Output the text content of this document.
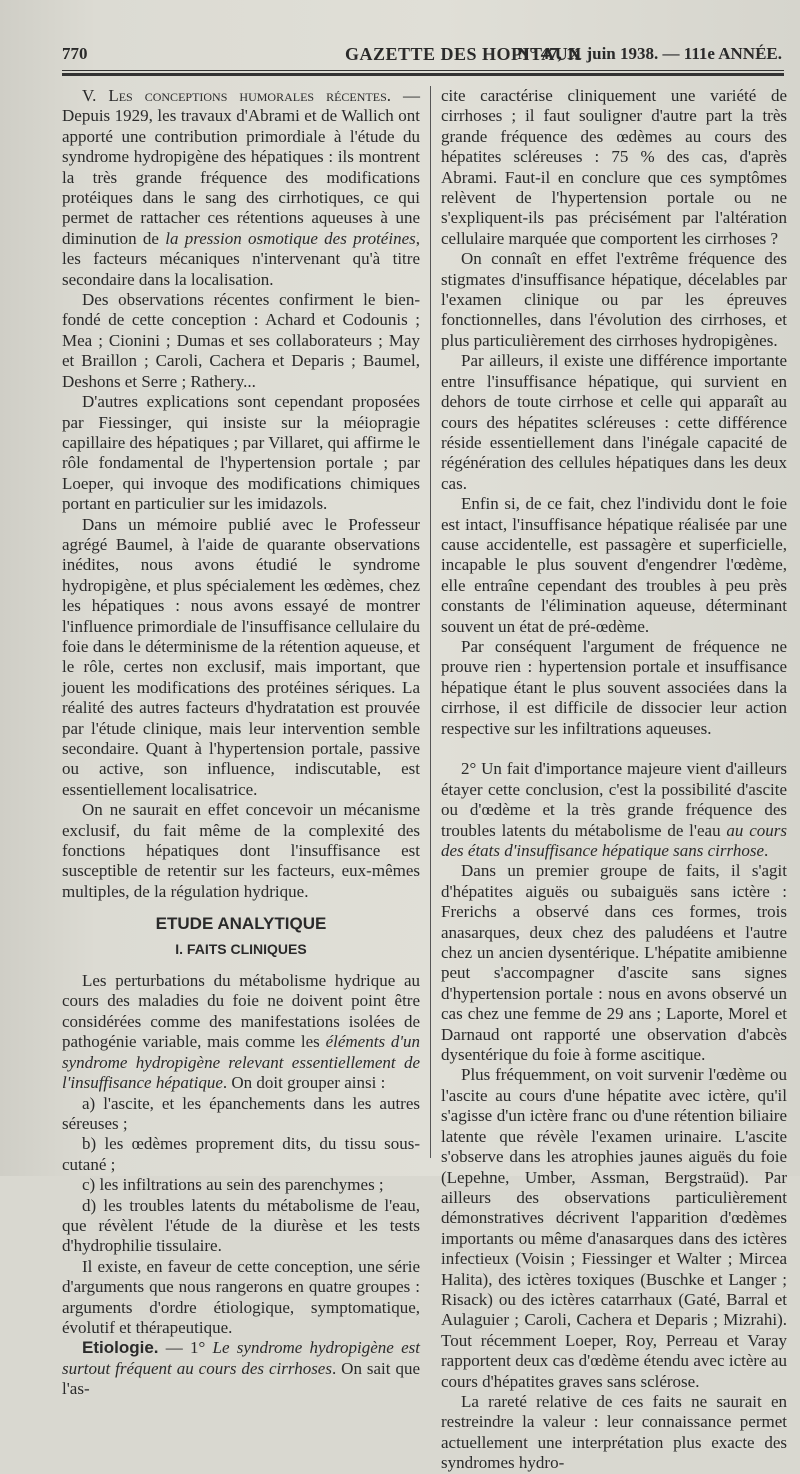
770	GAZETTE DES HOPITAUX
N° 47, 11 juin 1938. — 111e ANNÉE.

V. Les conceptions humorales récentes. — Depuis 1929, les travaux d'Abrami et de Wallich ont apporté une contribution primordiale à l'étude du syndrome hydropigène des hépatiques : ils montrent la très grande fréquence des modifications protéiques dans le sang des cirrhotiques, ce qui permet de rattacher ces rétentions aqueuses à une diminution de la pression osmotique des protéines, les facteurs mécaniques n'intervenant qu'à titre secondaire dans la localisation.

Des observations récentes confirment le bien-fondé de cette conception : Achard et Codounis ; Mea ; Cionini ; Dumas et ses collaborateurs ; May et Braillon ; Caroli, Cachera et Deparis ; Baumel, Deshons et Serre ; Rathery...

D'autres explications sont cependant proposées par Fiessinger, qui insiste sur la méiopragie capillaire des hépatiques ; par Villaret, qui affirme le rôle fondamental de l'hypertension portale ; par Loeper, qui invoque des modifications chimiques portant en particulier sur les imidazols.

Dans un mémoire publié avec le Professeur agrégé Baumel, à l'aide de quarante observations inédites, nous avons étudié le syndrome hydropigène, et plus spécialement les œdèmes, chez les hépatiques : nous avons essayé de montrer l'influence primordiale de l'insuffisance cellulaire du foie dans le déterminisme de la rétention aqueuse, et le rôle, certes non exclusif, mais important, que jouent les modifications des protéines sériques. La réalité des autres facteurs d'hydratation est prouvée par l'étude clinique, mais leur intervention semble secondaire. Quant à l'hypertension portale, passive ou active, son influence, indiscutable, est essentiellement localisatrice.

On ne saurait en effet concevoir un mécanisme exclusif, du fait même de la complexité des fonctions hépatiques dont l'insuffisance est susceptible de retentir sur les facteurs, eux-mêmes multiples, de la régulation hydrique.

ETUDE ANALYTIQUE
I. FAITS CLINIQUES

Les perturbations du métabolisme hydrique au cours des maladies du foie ne doivent point être considérées comme des manifestations isolées de pathogénie variable, mais comme les éléments d'un syndrome hydropigène relevant essentiellement de l'insuffisance hépatique. On doit grouper ainsi :

a) l'ascite, et les épanchements dans les autres séreuses ;

b) les œdèmes proprement dits, du tissu sous-cutané ;

c) les infiltrations au sein des parenchymes ;

d) les troubles latents du métabolisme de l'eau, que révèlent l'étude de la diurèse et les tests d'hydrophilie tissulaire.

Il existe, en faveur de cette conception, une série d'arguments que nous rangerons en quatre groupes : arguments d'ordre étiologique, symptomatique, évolutif et thérapeutique.

Etiologie. — 1° Le syndrome hydropigène est surtout fréquent au cours des cirrhoses. On sait que l'as-

cite caractérise cliniquement une variété de cirrhoses ; il faut souligner d'autre part la très grande fréquence des œdèmes au cours des hépatites scléreuses : 75 % des cas, d'après Abrami. Faut-il en conclure que ces symptômes relèvent de l'hypertension portale ou ne s'expliquent-ils pas précisément par l'altération cellulaire marquée que comportent les cirrhoses ?

On connaît en effet l'extrême fréquence des stigmates d'insuffisance hépatique, décelables par l'examen clinique ou par les épreuves fonctionnelles, dans l'évolution des cirrhoses, et plus particulièrement des cirrhoses hydropigènes.

Par ailleurs, il existe une différence importante entre l'insuffisance hépatique, qui survient en dehors de toute cirrhose et celle qui apparaît au cours des hépatites scléreuses : cette différence réside essentiellement dans l'inégale capacité de régénération des cellules hépatiques dans les deux cas.

Enfin si, de ce fait, chez l'individu dont le foie est intact, l'insuffisance hépatique réalisée par une cause accidentelle, est passagère et superficielle, incapable le plus souvent d'engendrer l'œdème, elle entraîne cependant des troubles à peu près constants de l'élimination aqueuse, déterminant souvent un état de pré-œdème.

Par conséquent l'argument de fréquence ne prouve rien : hypertension portale et insuffisance hépatique étant le plus souvent associées dans la cirrhose, il est difficile de dissocier leur action respective sur les infiltrations aqueuses.

2° Un fait d'importance majeure vient d'ailleurs étayer cette conclusion, c'est la possibilité d'ascite ou d'œdème et la très grande fréquence des troubles latents du métabolisme de l'eau au cours des états d'insuffisance hépatique sans cirrhose.

Dans un premier groupe de faits, il s'agit d'hépatites aiguës ou subaiguës sans ictère : Frerichs a observé dans ces formes, trois anasarques, deux chez des paludéens et l'autre chez un ancien dysentérique. L'hépatite amibienne peut s'accompagner d'ascite sans signes d'hypertension portale : nous en avons observé un cas chez une femme de 29 ans ; Laporte, Morel et Darnaud ont rapporté une observation d'abcès dysentérique du foie à forme ascitique.

Plus fréquemment, on voit survenir l'œdème ou l'ascite au cours d'une hépatite avec ictère, qu'il s'agisse d'un ictère franc ou d'une rétention biliaire latente que révèle l'examen urinaire. L'ascite s'observe dans les atrophies jaunes aiguës du foie (Lepehne, Umber, Assman, Bergstraüd). Par ailleurs des observations particulièrement démonstratives décrivent l'apparition d'œdèmes importants ou même d'anasarques dans des ictères infectieux (Voisin ; Fiessinger et Walter ; Mircea Halita), des ictères toxiques (Buschke et Langer ; Risack) ou des ictères catarrhaux (Gaté, Barral et Aulaguier ; Caroli, Cachera et Deparis ; Mizrahi). Tout récemment Loeper, Roy, Perreau et Varay rapportent deux cas d'œdème étendu avec ictère au cours d'hépatites graves sans sclérose.

La rareté relative de ces faits ne saurait en restreindre la valeur : leur connaissance permet actuellement une interprétation plus exacte des syndromes hydro-
